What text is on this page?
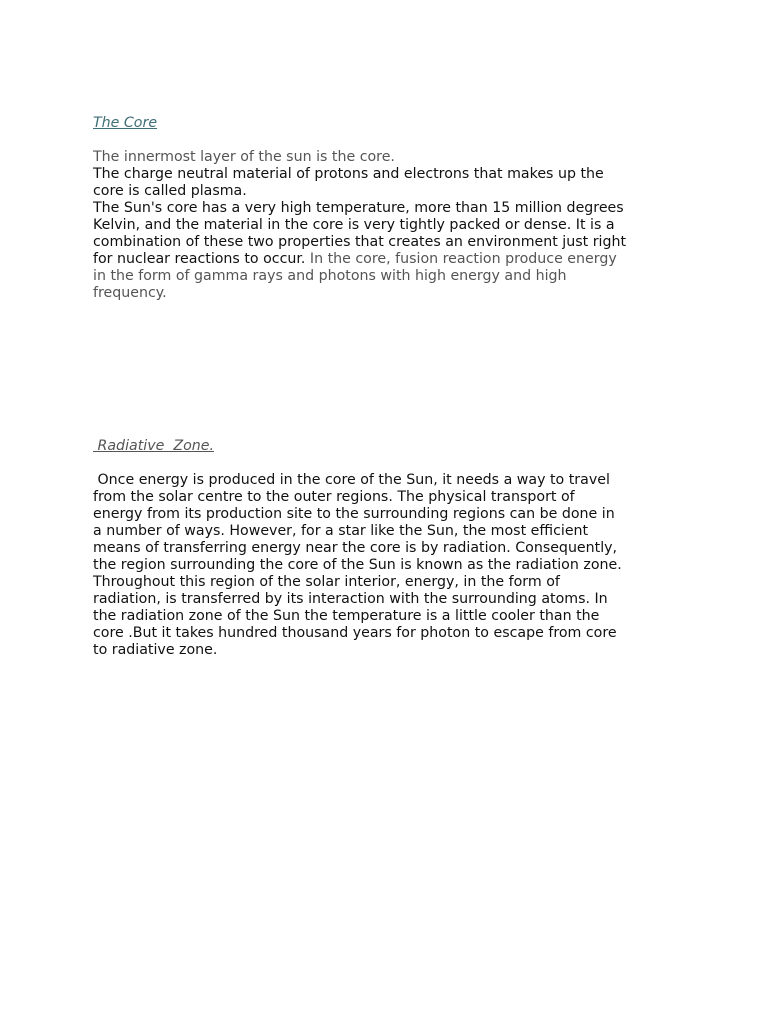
The Core
The innermost layer of the sun is the core.
The charge neutral material of protons and electrons that makes up the
core is called plasma.
The Sun's core has a very high temperature, more than 15 million degrees
Kelvin, and the material in the core is very tightly packed or dense. It is a
combination of these two properties that creates an environment just right
for nuclear reactions to occur. In the core, fusion reaction produce energy
in the form of gamma rays and photons with high energy and high
frequency.
Radiative  Zone.
Once energy is produced in the core of the Sun, it needs a way to travel
from the solar centre to the outer regions. The physical transport of
energy from its production site to the surrounding regions can be done in
a number of ways. However, for a star like the Sun, the most efficient
means of transferring energy near the core is by radiation. Consequently,
the region surrounding the core of the Sun is known as the radiation zone.
Throughout this region of the solar interior, energy, in the form of
radiation, is transferred by its interaction with the surrounding atoms. In
the radiation zone of the Sun the temperature is a little cooler than the
core .But it takes hundred thousand years for photon to escape from core
to radiative zone.
